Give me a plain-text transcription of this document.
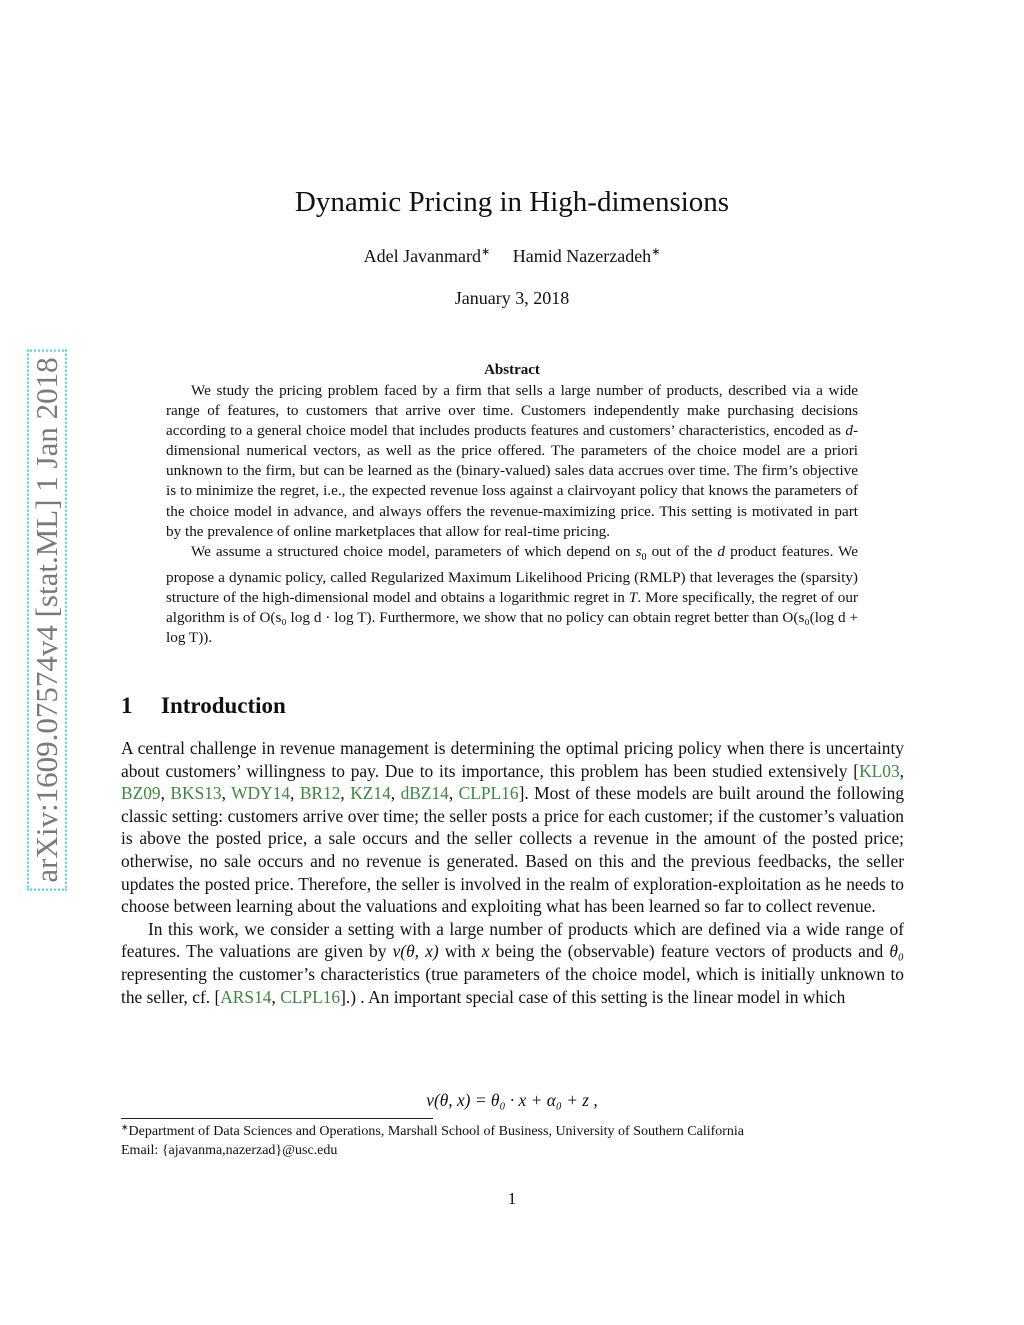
arXiv:1609.07574v4 [stat.ML] 1 Jan 2018
Dynamic Pricing in High-dimensions
Adel Javanmard∗ Hamid Nazerzadeh∗
January 3, 2018
Abstract

We study the pricing problem faced by a firm that sells a large number of products, described via a wide range of features, to customers that arrive over time. Customers independently make purchasing decisions according to a general choice model that includes products features and customers’ characteristics, encoded as d-dimensional numerical vectors, as well as the price offered. The parameters of the choice model are a priori unknown to the firm, but can be learned as the (binary-valued) sales data accrues over time. The firm’s objective is to minimize the regret, i.e., the expected revenue loss against a clairvoyant policy that knows the parameters of the choice model in advance, and always offers the revenue-maximizing price. This setting is motivated in part by the prevalence of online marketplaces that allow for real-time pricing.

We assume a structured choice model, parameters of which depend on $s_0$ out of the d product features. We propose a dynamic policy, called Regularized Maximum Likelihood Pricing (RMLP) that leverages the (sparsity) structure of the high-dimensional model and obtains a logarithmic regret in T. More specifically, the regret of our algorithm is of O(s₀ log d · log T). Furthermore, we show that no policy can obtain regret better than O(s₀(log d + log T)).

1 Introduction

A central challenge in revenue management is determining the optimal pricing policy when there is uncertainty about customers’ willingness to pay. Due to its importance, this problem has been studied extensively [KL03, BZ09, BKS13, WDY14, BR12, KZ14, dBZ14, CLPL16]. Most of these models are built around the following classic setting: customers arrive over time; the seller posts a price for each customer; if the customer’s valuation is above the posted price, a sale occurs and the seller collects a revenue in the amount of the posted price; otherwise, no sale occurs and no revenue is generated. Based on this and the previous feedbacks, the seller updates the posted price. Therefore, the seller is involved in the realm of exploration-exploitation as he needs to choose between learning about the valuations and exploiting what has been learned so far to collect revenue.

In this work, we consider a setting with a large number of products which are defined via a wide range of features. The valuations are given by v(θ, x) with x being the (observable) feature vectors of products and θ₀ representing the customer’s characteristics (true parameters of the choice model, which is initially unknown to the seller, cf. [ARS14, CLPL16].) . An important special case of this setting is the linear model in which

v(θ, x) = θ₀ · x + α₀ + z ,
∗Department of Data Sciences and Operations, Marshall School of Business, University of Southern California
Email: {ajavanma,nazerzad}@usc.edu
1
